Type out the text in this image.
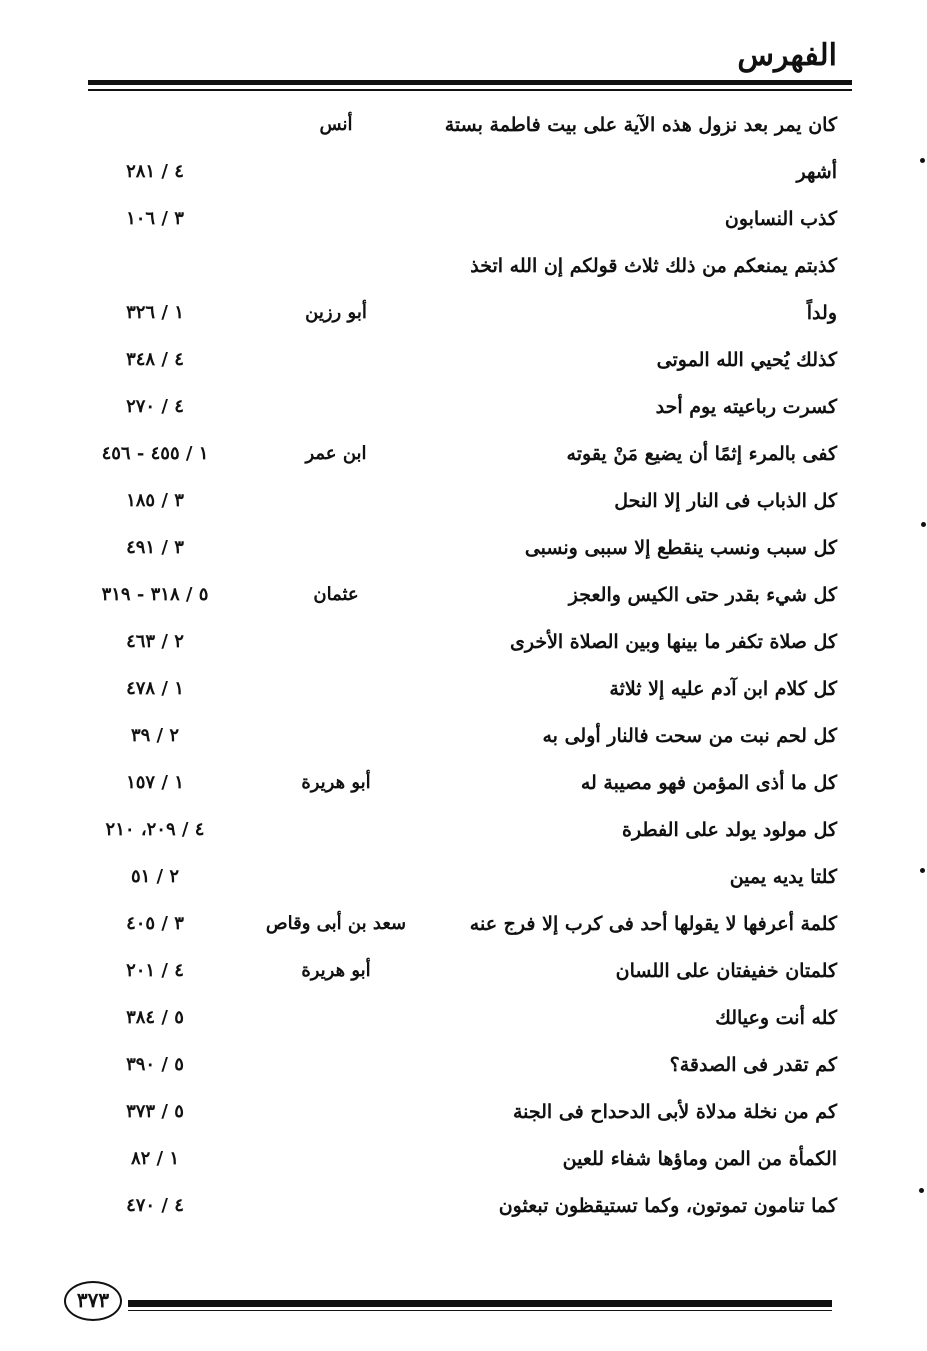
الفهرس
كان يمر بعد نزول هذه الآية على بيت فاطمة بستة
أنس
أشهر
٤ / ٢٨١
كذب النسابون
٣ / ١٠٦
كذبتم يمنعكم من ذلك ثلاث قولكم إن الله اتخذ
ولداً
أبو رزين
١ / ٣٢٦
كذلك يُحيي الله الموتى
٤ / ٣٤٨
كسرت رباعيته يوم أحد
٤ / ٢٧٠
كفى بالمرء إثمًا أن يضيع مَنْ يقوته
ابن عمر
١ / ٤٥٥ - ٤٥٦
كل الذباب فى النار إلا النحل
٣ / ١٨٥
كل سبب ونسب ينقطع إلا سببى ونسبى
٣ / ٤٩١
كل شيء بقدر حتى الكيس والعجز
عثمان
٥ / ٣١٨ - ٣١٩
كل صلاة تكفر ما بينها وبين الصلاة الأخرى
٢ / ٤٦٣
كل كلام ابن آدم عليه إلا ثلاثة
١ / ٤٧٨
كل لحم نبت من سحت فالنار أولى به
٢ / ٣٩
كل ما أذى المؤمن فهو مصيبة له
أبو هريرة
١ / ١٥٧
كل مولود يولد على الفطرة
٤ / ٢٠٩، ٢١٠
كلتا يديه يمين
٢ / ٥١
كلمة أعرفها لا يقولها أحد فى كرب إلا فرج عنه
سعد بن أبى وقاص
٣ / ٤٠٥
كلمتان خفيفتان على اللسان
أبو هريرة
٤ / ٢٠١
كله أنت وعيالك
٥ / ٣٨٤
كم تقدر فى الصدقة؟
٥ / ٣٩٠
كم من نخلة مدلاة لأبى الدحداح فى الجنة
٥ / ٣٧٣
الكمأة من المن وماؤها شفاء للعين
١ / ٨٢
كما تنامون تموتون، وكما تستيقظون تبعثون
٤ / ٤٧٠
٣٧٣
